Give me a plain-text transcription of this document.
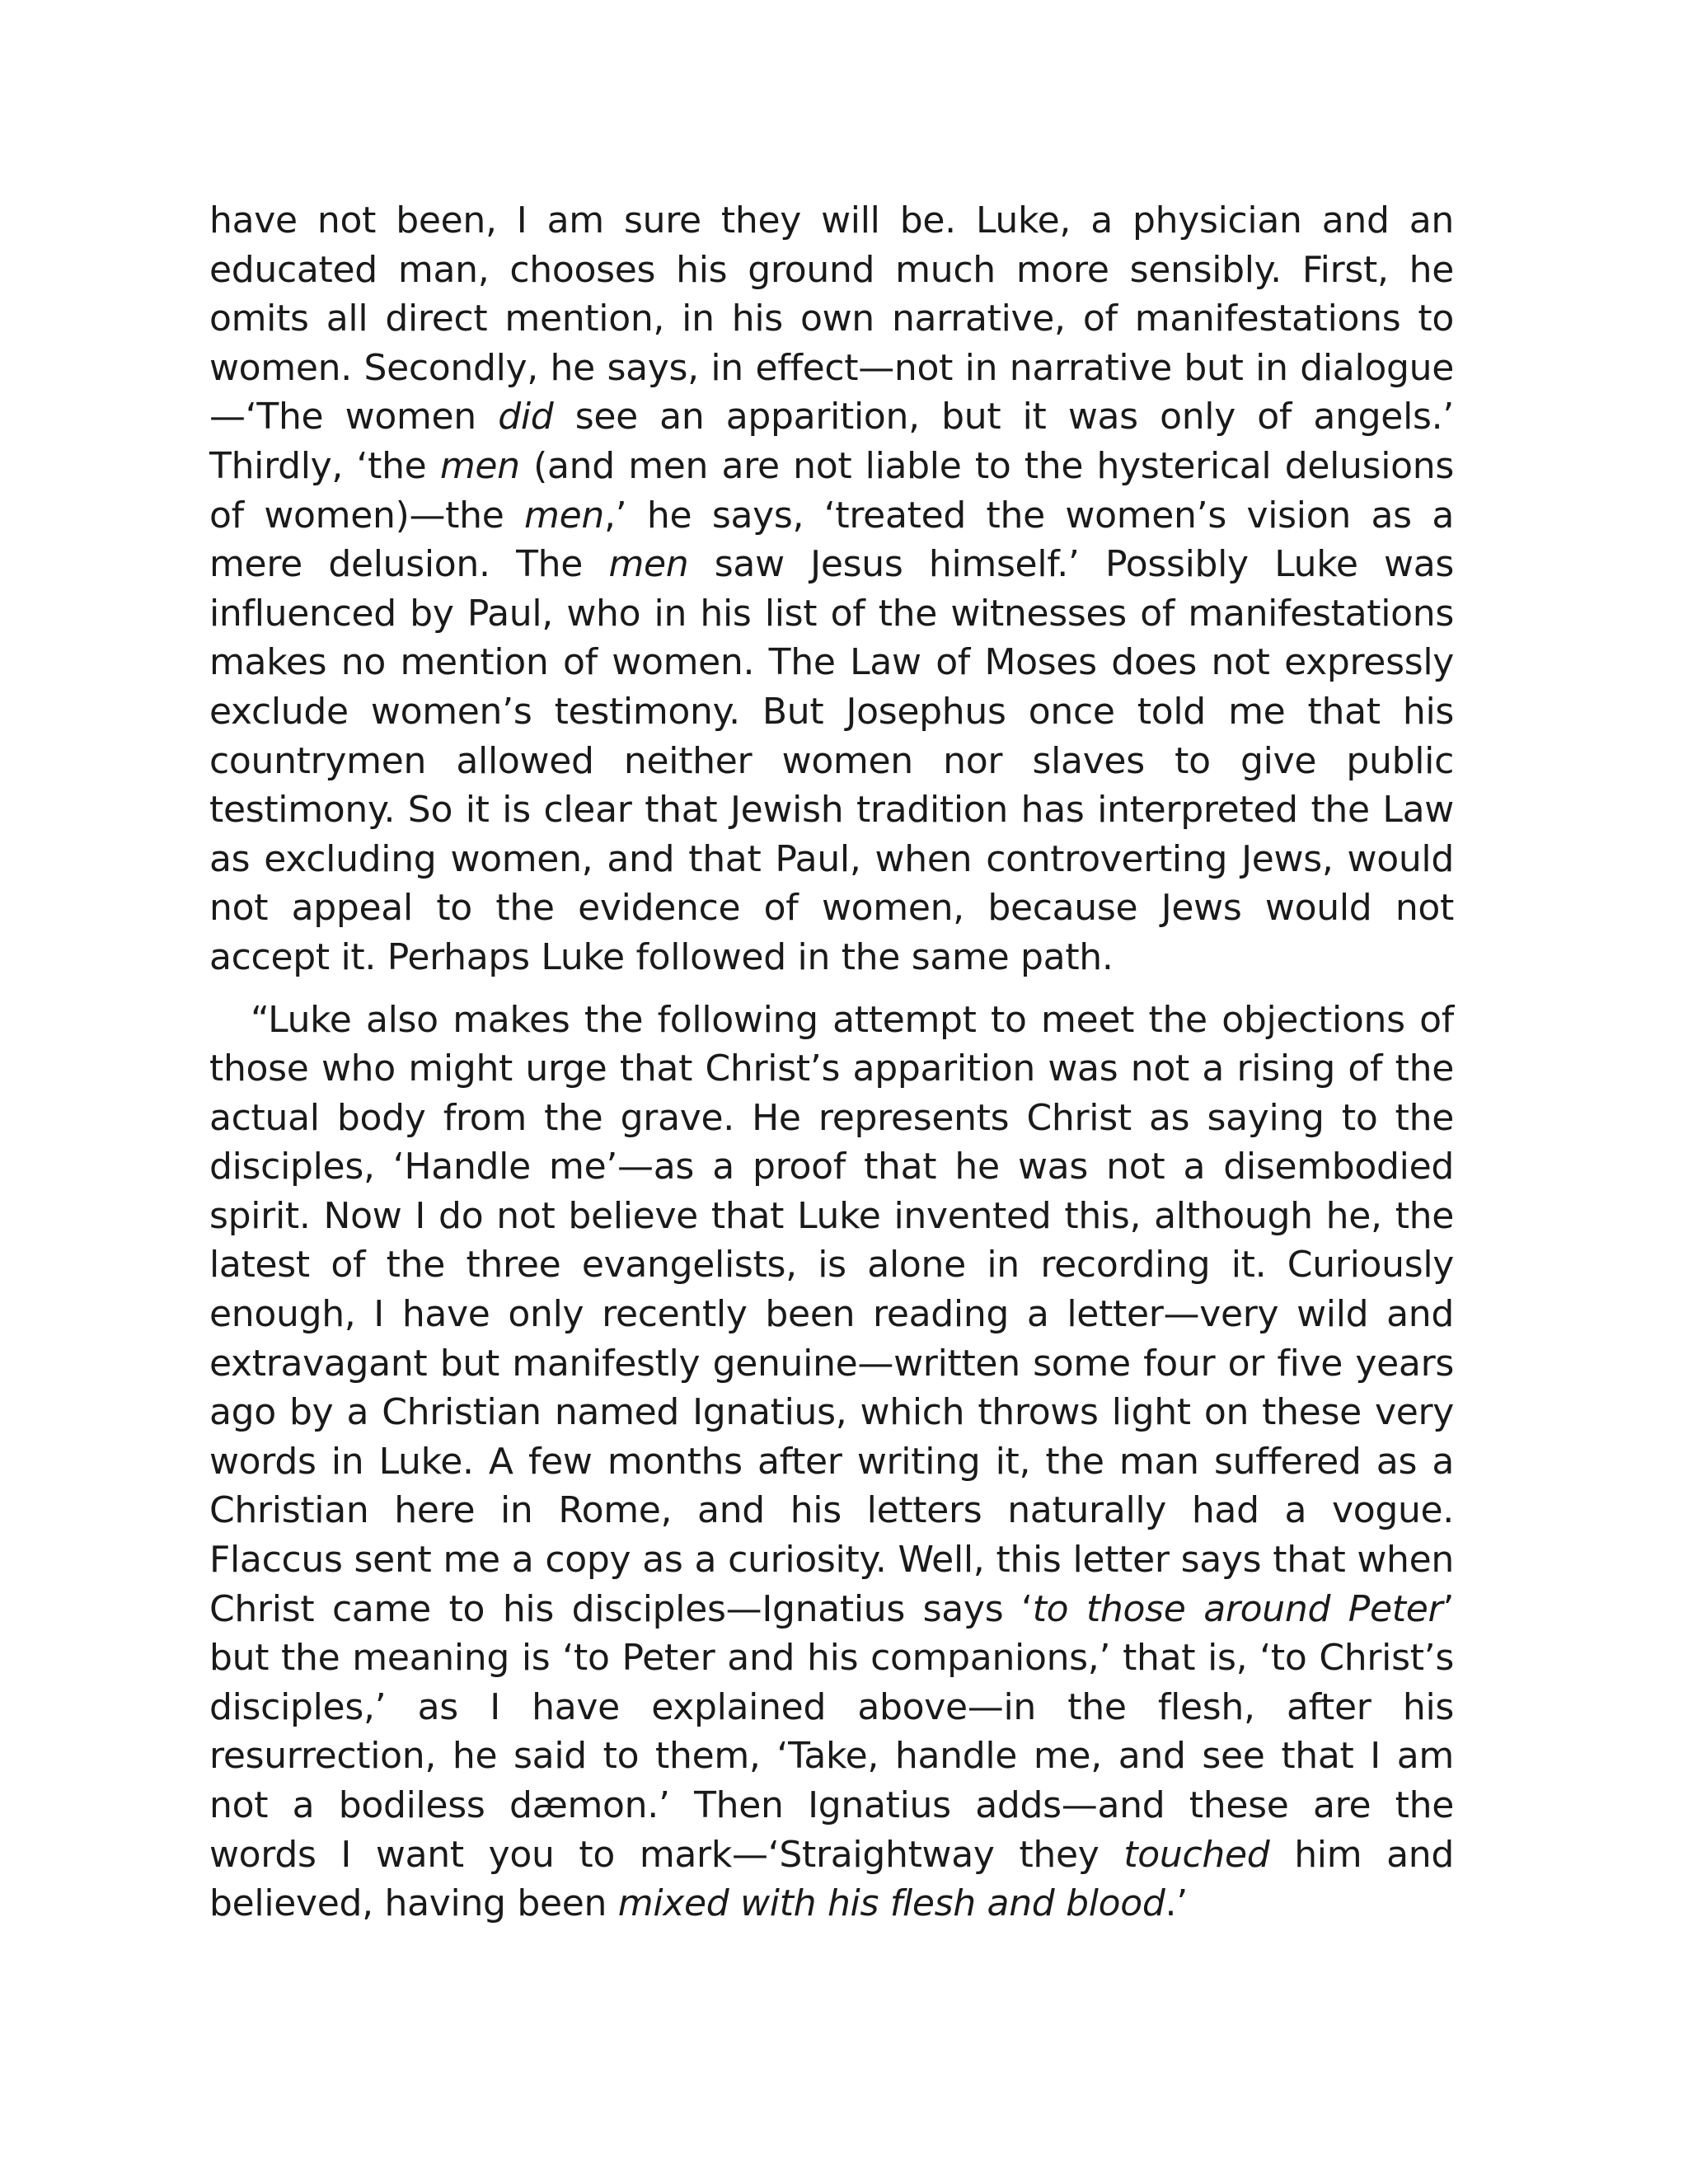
have not been, I am sure they will be. Luke, a physician and an educated man, chooses his ground much more sensibly. First, he omits all direct mention, in his own narrative, of manifestations to women. Secondly, he says, in effect—not in narrative but in dialogue —‘The women did see an apparition, but it was only of angels.’ Thirdly, ‘the men (and men are not liable to the hysterical delusions of women)—the men,’ he says, ‘treated the women’s vision as a mere delusion. The men saw Jesus himself.’ Possibly Luke was influenced by Paul, who in his list of the witnesses of manifestations makes no mention of women. The Law of Moses does not expressly exclude women’s testimony. But Josephus once told me that his countrymen allowed neither women nor slaves to give public testimony. So it is clear that Jewish tradition has interpreted the Law as excluding women, and that Paul, when controverting Jews, would not appeal to the evidence of women, because Jews would not accept it. Perhaps Luke followed in the same path.

“Luke also makes the following attempt to meet the objections of those who might urge that Christ’s apparition was not a rising of the actual body from the grave. He represents Christ as saying to the disciples, ‘Handle me’—as a proof that he was not a disembodied spirit. Now I do not believe that Luke invented this, although he, the latest of the three evangelists, is alone in recording it. Curiously enough, I have only recently been reading a letter—very wild and extravagant but manifestly genuine—written some four or five years ago by a Christian named Ignatius, which throws light on these very words in Luke. A few months after writing it, the man suffered as a Christian here in Rome, and his letters naturally had a vogue. Flaccus sent me a copy as a curiosity. Well, this letter says that when Christ came to his disciples—Ignatius says ‘to those around Peter’ but the meaning is ‘to Peter and his companions,’ that is, ‘to Christ’s disciples,’ as I have explained above—in the flesh, after his resurrection, he said to them, ‘Take, handle me, and see that I am not a bodiless dæmon.’ Then Ignatius adds—and these are the words I want you to mark—‘Straightway they touched him and believed, having been mixed with his flesh and blood.’
